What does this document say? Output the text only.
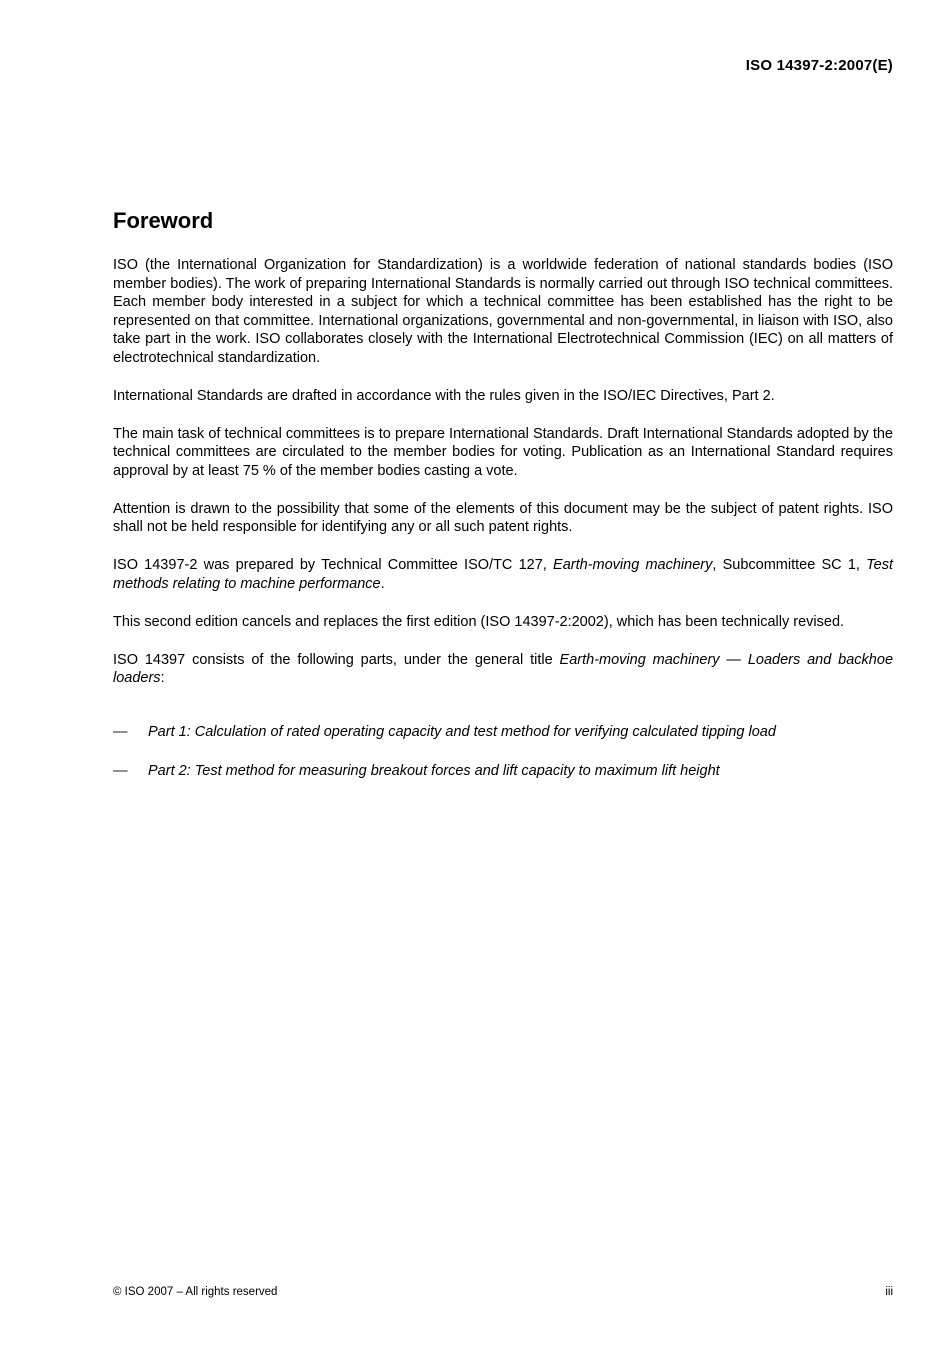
ISO 14397-2:2007(E)
Foreword

ISO (the International Organization for Standardization) is a worldwide federation of national standards bodies (ISO member bodies). The work of preparing International Standards is normally carried out through ISO technical committees. Each member body interested in a subject for which a technical committee has been established has the right to be represented on that committee. International organizations, governmental and non-governmental, in liaison with ISO, also take part in the work. ISO collaborates closely with the International Electrotechnical Commission (IEC) on all matters of electrotechnical standardization.

International Standards are drafted in accordance with the rules given in the ISO/IEC Directives, Part 2.

The main task of technical committees is to prepare International Standards. Draft International Standards adopted by the technical committees are circulated to the member bodies for voting. Publication as an International Standard requires approval by at least 75 % of the member bodies casting a vote.

Attention is drawn to the possibility that some of the elements of this document may be the subject of patent rights. ISO shall not be held responsible for identifying any or all such patent rights.

ISO 14397-2 was prepared by Technical Committee ISO/TC 127, Earth-moving machinery, Subcommittee SC 1, Test methods relating to machine performance.

This second edition cancels and replaces the first edition (ISO 14397-2:2002), which has been technically revised.

ISO 14397 consists of the following parts, under the general title Earth-moving machinery — Loaders and backhoe loaders:

—	Part 1: Calculation of rated operating capacity and test method for verifying calculated tipping load
—	Part 2: Test method for measuring breakout forces and lift capacity to maximum lift height
© ISO 2007 – All rights reserved	iii
